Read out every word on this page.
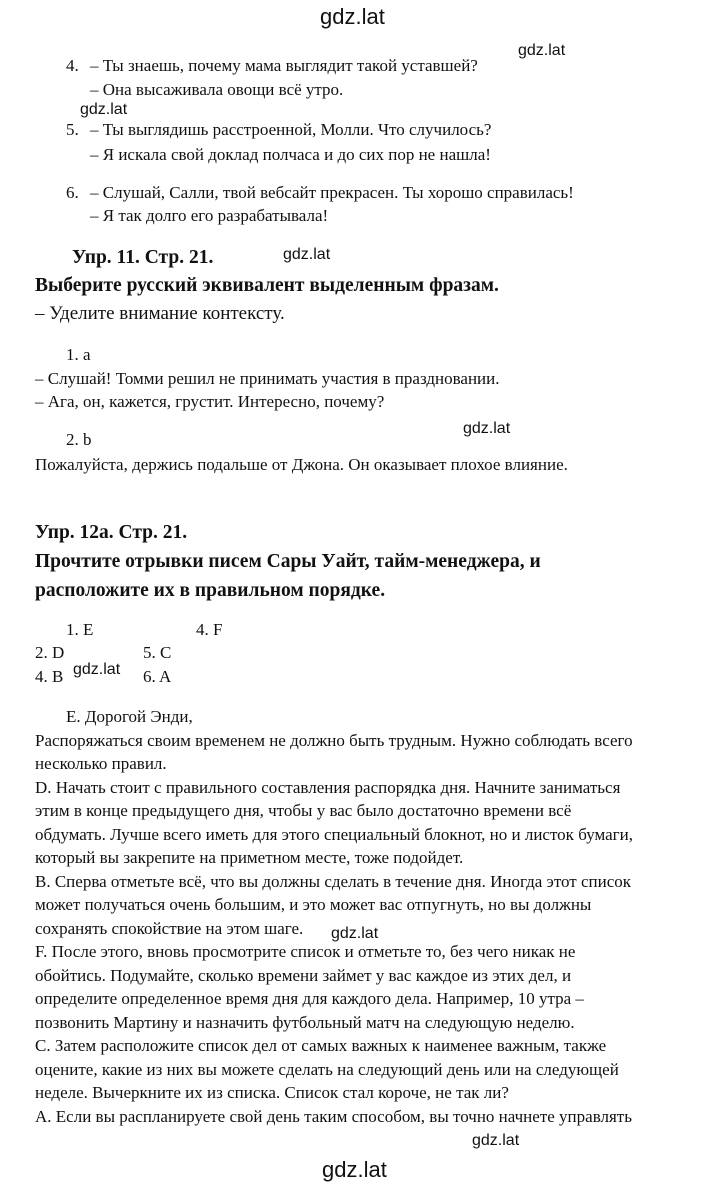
gdz.lat
gdz.lat
gdz.lat
gdz.lat
gdz.lat
gdz.lat
gdz.lat
gdz.lat
gdz.lat
4. – Ты знаешь, почему мама выглядит такой уставшей?
– Она высаживала овощи всё утро.
5. – Ты выглядишь расстроенной, Молли. Что случилось?
– Я искала свой доклад полчаса и до сих пор не нашла!
6. – Слушай, Салли, твой вебсайт прекрасен. Ты хорошо справилась!
– Я так долго его разрабатывала!
Упр. 11. Стр. 21.
Выберите русский эквивалент выделенным фразам.
– Уделите внимание контексту.
1. a
– Слушай! Томми решил не принимать участия в праздновании.
– Ага, он, кажется, грустит. Интересно, почему?
2. b
Пожалуйста, держись подальше от Джона. Он оказывает плохое влияние.
Упр. 12а. Стр. 21.
Прочтите отрывки писем Сары Уайт, тайм-менеджера, и
расположите их в правильном порядке.
1. E	4. F
2. D	5. C
4. B	6. A
Е. Дорогой Энди,
Распоряжаться своим временем не должно быть трудным. Нужно соблюдать всего
несколько правил.
D. Начать стоит с правильного составления распорядка дня. Начните заниматься
этим в конце предыдущего дня, чтобы у вас было достаточно времени всё
обдумать. Лучше всего иметь для этого специальный блокнот, но и листок бумаги,
который вы закрепите на приметном месте, тоже подойдет.
В. Сперва отметьте всё, что вы должны сделать в течение дня. Иногда этот список
может получаться очень большим, и это может вас отпугнуть, но вы должны
сохранять спокойствие на этом шаге.
F. После этого, вновь просмотрите список и отметьте то, без чего никак не
обойтись. Подумайте, сколько времени займет у вас каждое из этих дел, и
определите определенное время дня для каждого дела. Например, 10 утра –
позвонить Мартину и назначить футбольный матч на следующую неделю.
С. Затем расположите список дел от самых важных к наименее важным, также
оцените, какие из них вы можете сделать на следующий день или на следующей
неделе. Вычеркните их из списка. Список стал короче, не так ли?
А. Если вы распланируете свой день таким способом, вы точно начнете управлять
